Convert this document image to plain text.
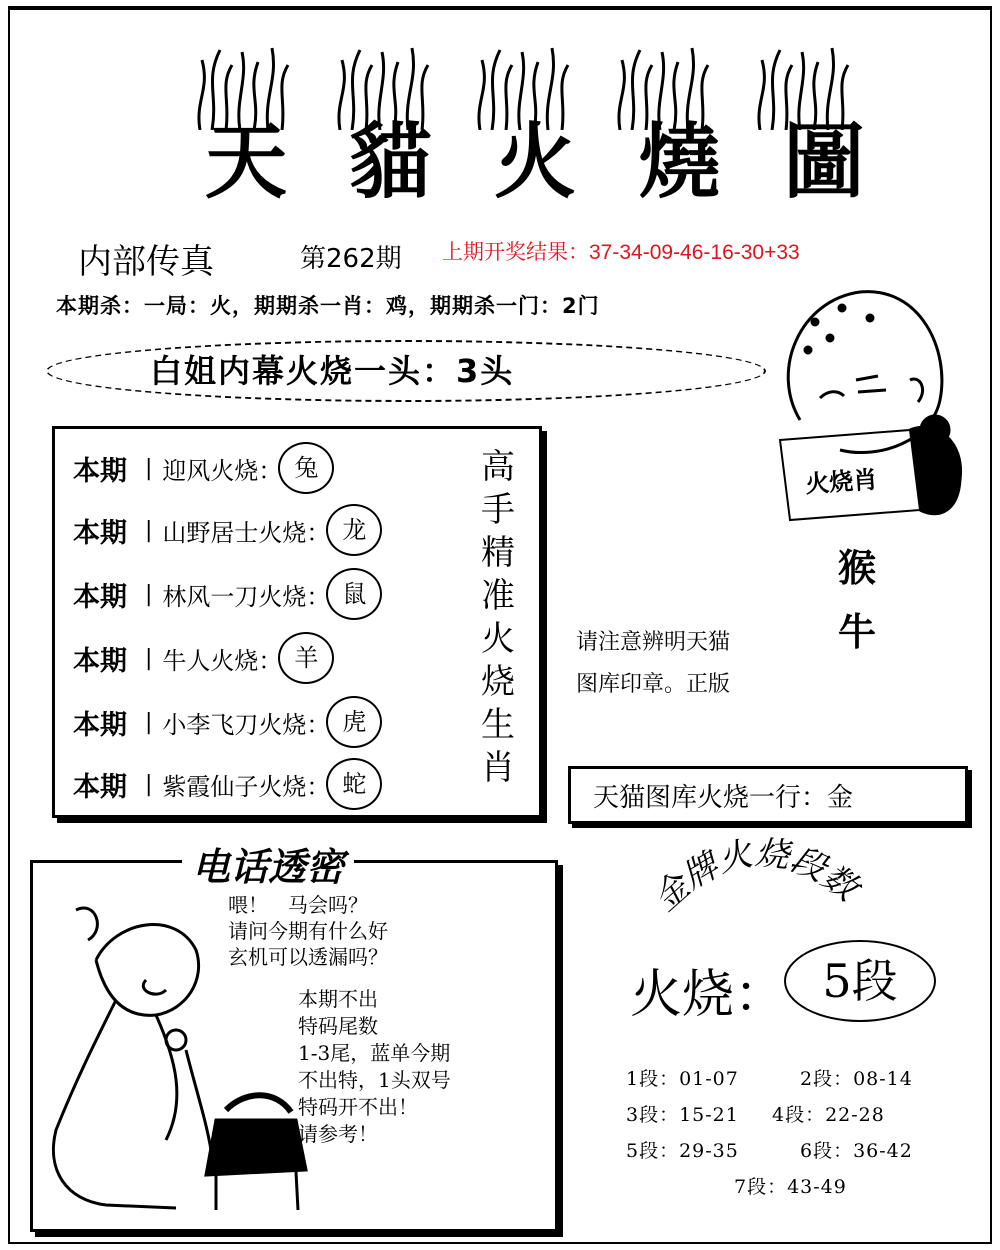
天 貓 火 燒 圖
内部传真	第262期 上期开奖结果：37-34-09-46-16-30+33
本期杀：一局：火，期期杀一肖：鸡，期期杀一门：2门
白姐内幕火烧一头：3头
本期 | 迎风火烧： 兔
本期 | 山野居士火烧： 龙
本期 | 林风一刀火烧： 鼠
本期 | 牛人火烧： 羊
本期 | 小李飞刀火烧： 虎
本期 | 紫霞仙子火烧： 蛇
高手精准火烧生肖
火烧肖
猴
牛
请注意辨明天猫
图库印章。正版
天猫图库火烧一行：金
电话透密
喂！　马会吗？
请问今期有什么好
玄机可以透漏吗？
本期不出
特码尾数
1-3尾，蓝单今期
不出特，1头双号
特码开不出！
请参考！
金牌火烧段数
火烧： 5段
1段：01-07	2段：08-14
3段：15-21 4段：22-28
5段：29-35	6段：36-42
7段：43-49
